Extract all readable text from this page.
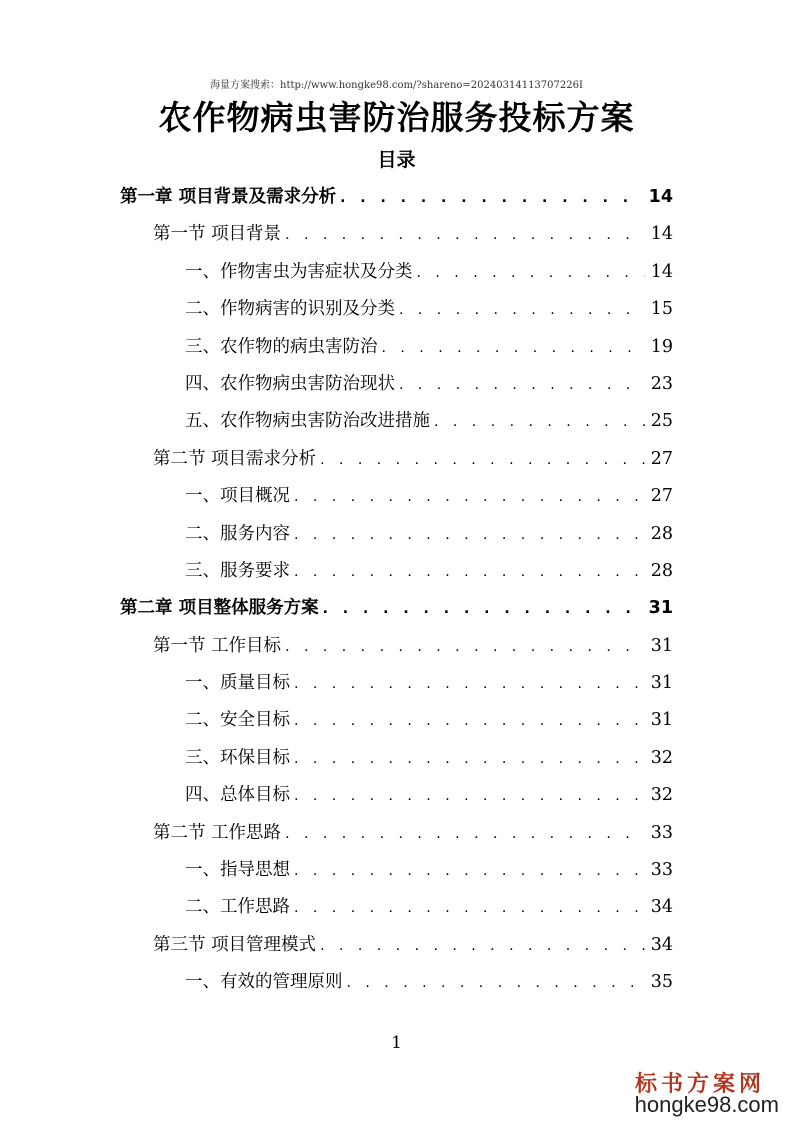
海量方案搜索：http://www.hongke98.com/?shareno=20240314113707226I
农作物病虫害防治服务投标方案
目录
第一章 项目背景及需求分析 . . .	14
第一节 项目背景 . . .	14
一、作物害虫为害症状及分类 . . .	14
二、作物病害的识别及分类 . . .	15
三、农作物的病虫害防治 . . .	19
四、农作物病虫害防治现状 . . .	23
五、农作物病虫害防治改进措施 . . .	25
第二节 项目需求分析 . . .	27
一、项目概况 . . .	27
二、服务内容 . . .	28
三、服务要求 . . .	28
第二章 项目整体服务方案 . . .	31
第一节 工作目标 . . .	31
一、质量目标 . . .	31
二、安全目标 . . .	31
三、环保目标 . . .	32
四、总体目标 . . .	32
第二节 工作思路 . . .	33
一、指导思想 . . .	33
二、工作思路 . . .	34
第三节 项目管理模式 . . .	34
一、有效的管理原则 . . .	35
1
标书方案网
hongke98.com
